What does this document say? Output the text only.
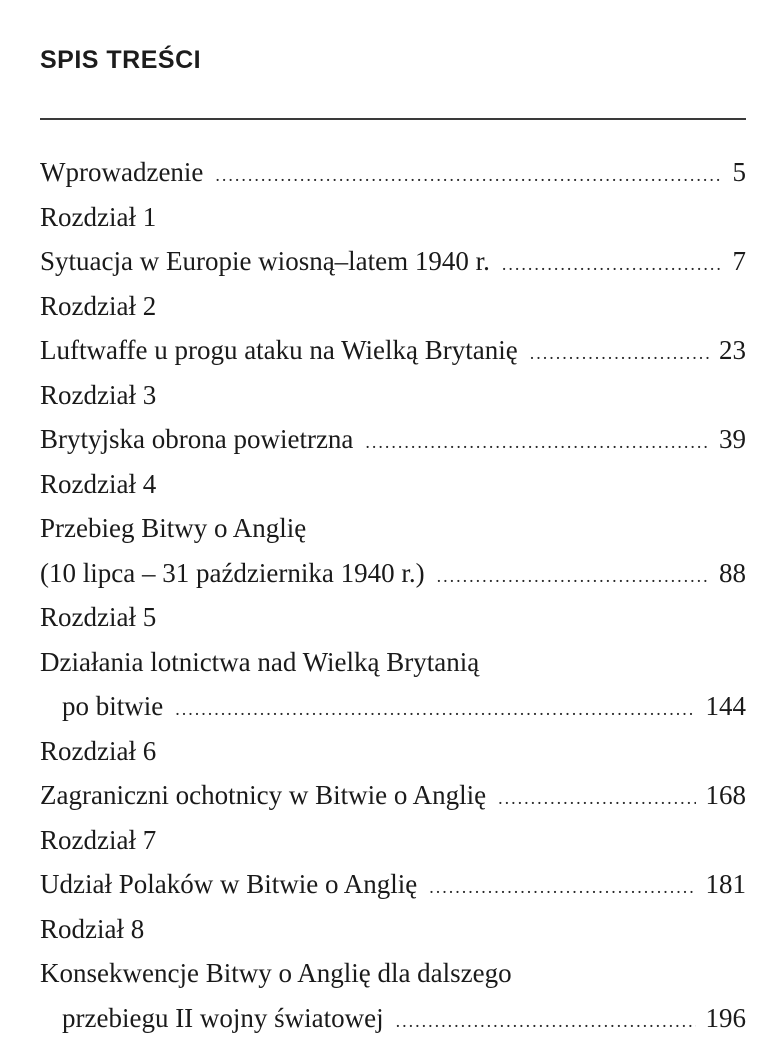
SPIS TREŚCI
Wprowadzenie .....	5
Rozdział 1
Sytuacja w Europie wiosną–latem 1940 r. .....	7
Rozdział 2
Luftwaffe u progu ataku na Wielką Brytanię .....	23
Rozdział 3
Brytyjska obrona powietrzna .....	39
Rozdział 4
Przebieg Bitwy o Anglię
(10 lipca – 31 października 1940 r.) .....	88
Rozdział 5
Działania lotnictwa nad Wielką Brytanią
po bitwie .....	144
Rozdział 6
Zagraniczni ochotnicy w Bitwie o Anglię .....	168
Rozdział 7
Udział Polaków w Bitwie o Anglię .....	181
Rodział 8
Konsekwencje Bitwy o Anglię dla dalszego
przebiegu II wojny światowej .....	196
